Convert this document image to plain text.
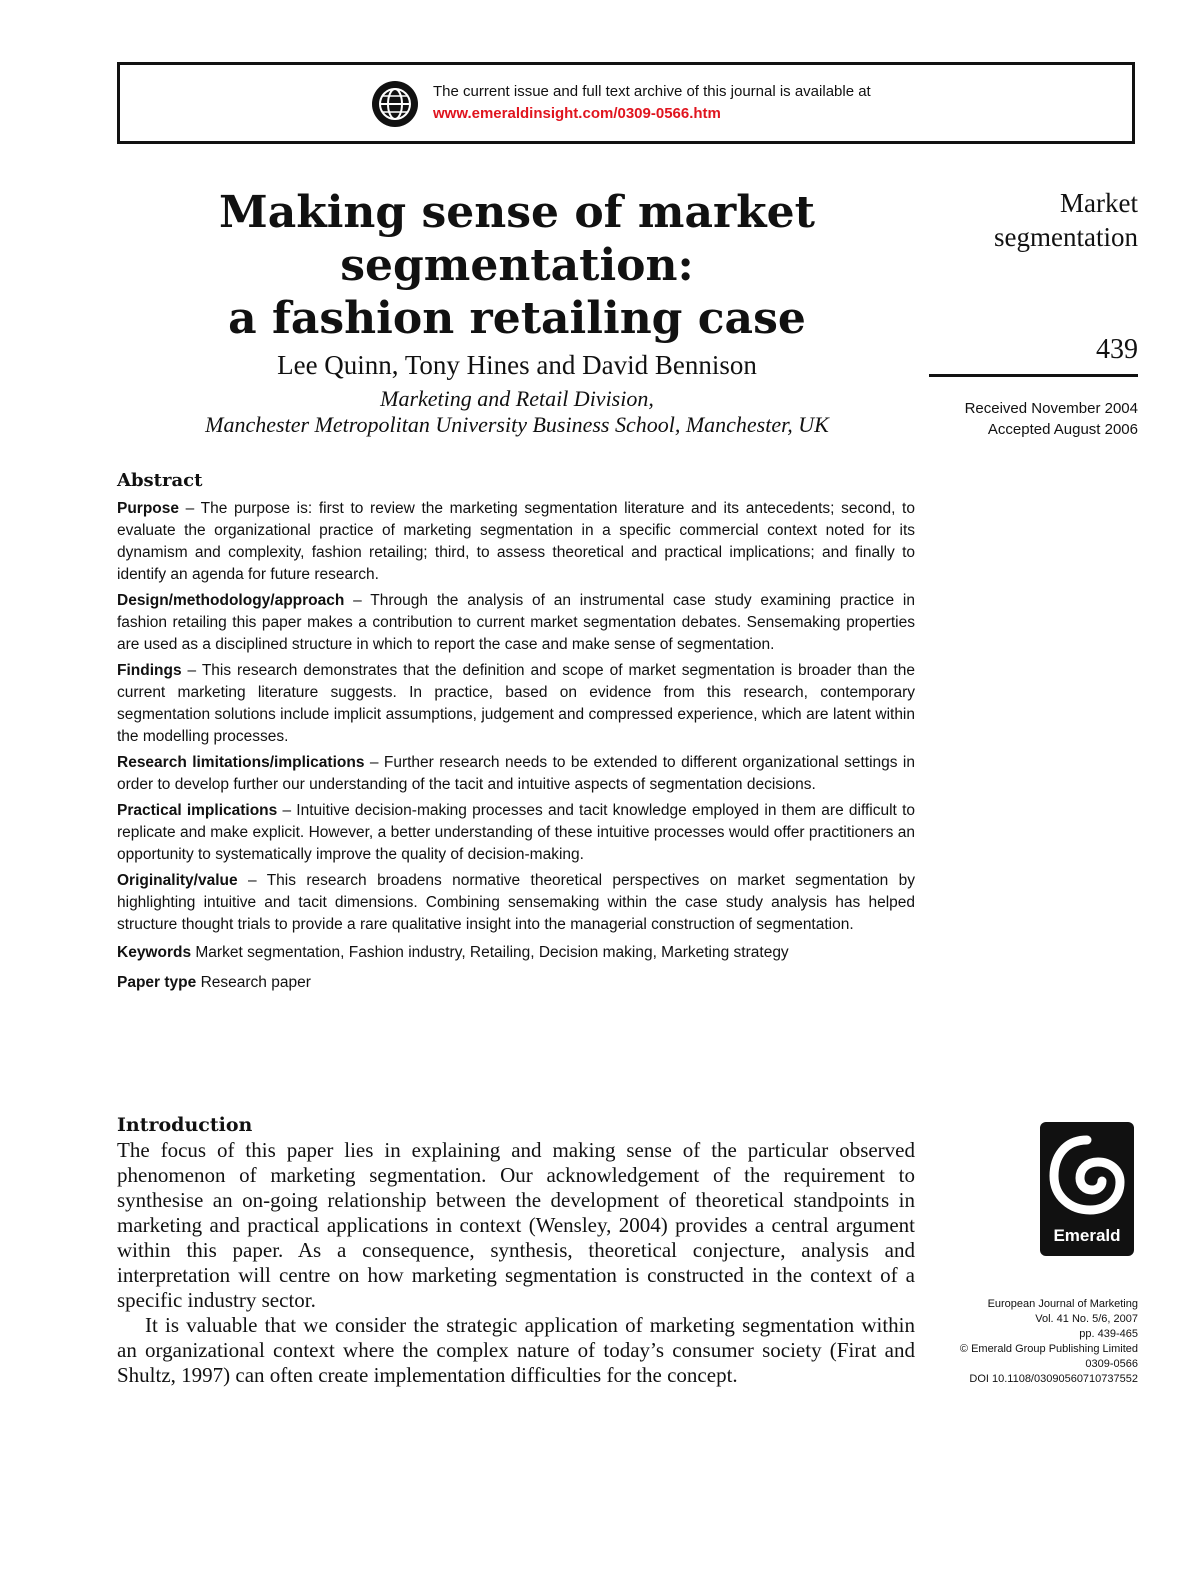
The current issue and full text archive of this journal is available at
www.emeraldinsight.com/0309-0566.htm
Making sense of market
segmentation:
a fashion retailing case
Lee Quinn, Tony Hines and David Bennison
Marketing and Retail Division,
Manchester Metropolitan University Business School, Manchester, UK
Market
segmentation
439
Received November 2004
Accepted August 2006
Abstract
Purpose – The purpose is: first to review the marketing segmentation literature and its antecedents; second, to evaluate the organizational practice of marketing segmentation in a specific commercial context noted for its dynamism and complexity, fashion retailing; third, to assess theoretical and practical implications; and finally to identify an agenda for future research.
Design/methodology/approach – Through the analysis of an instrumental case study examining practice in fashion retailing this paper makes a contribution to current market segmentation debates. Sensemaking properties are used as a disciplined structure in which to report the case and make sense of segmentation.
Findings – This research demonstrates that the definition and scope of market segmentation is broader than the current marketing literature suggests. In practice, based on evidence from this research, contemporary segmentation solutions include implicit assumptions, judgement and compressed experience, which are latent within the modelling processes.
Research limitations/implications – Further research needs to be extended to different organizational settings in order to develop further our understanding of the tacit and intuitive aspects of segmentation decisions.
Practical implications – Intuitive decision-making processes and tacit knowledge employed in them are difficult to replicate and make explicit. However, a better understanding of these intuitive processes would offer practitioners an opportunity to systematically improve the quality of decision-making.
Originality/value – This research broadens normative theoretical perspectives on market segmentation by highlighting intuitive and tacit dimensions. Combining sensemaking within the case study analysis has helped structure thought trials to provide a rare qualitative insight into the managerial construction of segmentation.
Keywords Market segmentation, Fashion industry, Retailing, Decision making, Marketing strategy
Paper type Research paper
Introduction

The focus of this paper lies in explaining and making sense of the particular observed phenomenon of marketing segmentation. Our acknowledgement of the requirement to synthesise an on-going relationship between the development of theoretical standpoints in marketing and practical applications in context (Wensley, 2004) provides a central argument within this paper. As a consequence, synthesis, theoretical conjecture, analysis and interpretation will centre on how marketing segmentation is constructed in the context of a specific industry sector.

It is valuable that we consider the strategic application of marketing segmentation within an organizational context where the complex nature of today’s consumer society (Firat and Shultz, 1997) can often create implementation difficulties for the concept.

Emerald
European Journal of Marketing
Vol. 41 No. 5/6, 2007
pp. 439-465
© Emerald Group Publishing Limited
0309-0566
DOI 10.1108/03090560710737552
